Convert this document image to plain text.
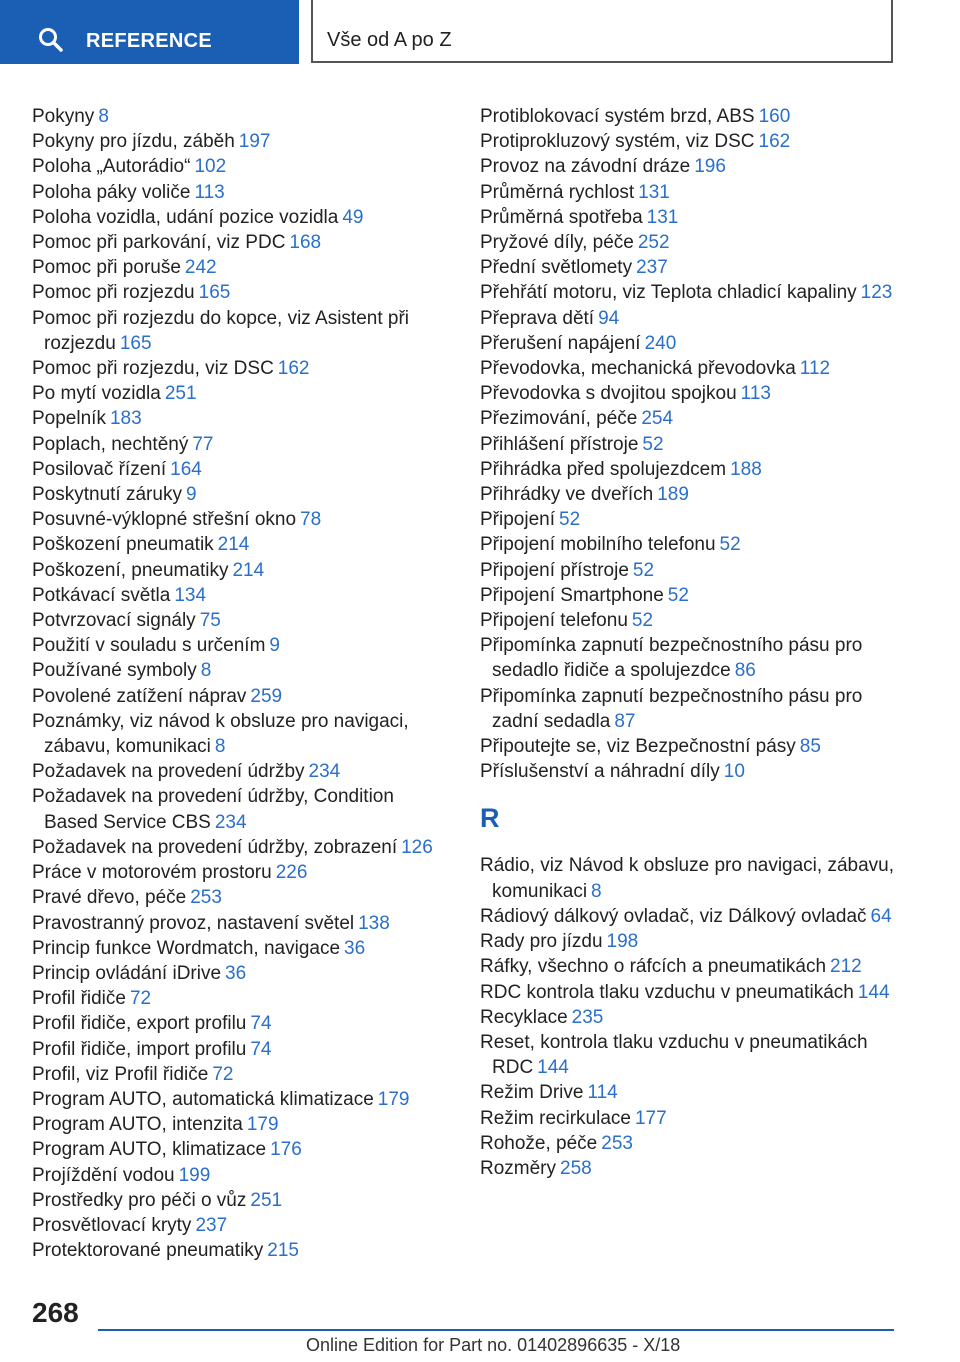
REFERENCE	Vše od A po Z
Pokyny 8
Pokyny pro jízdu, záběh 197
Poloha „Autorádio“ 102
Poloha páky voliče 113
Poloha vozidla, udání pozice vozidla 49
Pomoc při parkování, viz PDC 168
Pomoc při poruše 242
Pomoc při rozjezdu 165
Pomoc při rozjezdu do kopce, viz Asistent při rozjezdu 165
Pomoc při rozjezdu, viz DSC 162
Po mytí vozidla 251
Popelník 183
Poplach, nechtěný 77
Posilovač řízení 164
Poskytnutí záruky 9
Posuvné-výklopné střešní okno 78
Poškození pneumatik 214
Poškození, pneumatiky 214
Potkávací světla 134
Potvrzovací signály 75
Použití v souladu s určením 9
Používané symboly 8
Povolené zatížení náprav 259
Poznámky, viz návod k obsluze pro navigaci, zábavu, komunikaci 8
Požadavek na provedení údržby 234
Požadavek na provedení údržby, Condition Based Service CBS 234
Požadavek na provedení údržby, zobrazení 126
Práce v motorovém prostoru 226
Pravé dřevo, péče 253
Pravostranný provoz, nastavení světel 138
Princip funkce Wordmatch, navigace 36
Princip ovládání iDrive 36
Profil řidiče 72
Profil řidiče, export profilu 74
Profil řidiče, import profilu 74
Profil, viz Profil řidiče 72
Program AUTO, automatická klimatizace 179
Program AUTO, intenzita 179
Program AUTO, klimatizace 176
Projíždění vodou 199
Prostředky pro péči o vůz 251
Prosvětlovací kryty 237
Protektorované pneumatiky 215
Protiblokovací systém brzd, ABS 160
Protiprokluzový systém, viz DSC 162
Provoz na závodní dráze 196
Průměrná rychlost 131
Průměrná spotřeba 131
Pryžové díly, péče 252
Přední světlomety 237
Přehřátí motoru, viz Teplota chladicí kapaliny 123
Přeprava dětí 94
Přerušení napájení 240
Převodovka, mechanická převodovka 112
Převodovka s dvojitou spojkou 113
Přezimování, péče 254
Přihlášení přístroje 52
Přihrádka před spolujezdcem 188
Přihrádky ve dveřích 189
Připojení 52
Připojení mobilního telefonu 52
Připojení přístroje 52
Připojení Smartphone 52
Připojení telefonu 52
Připomínka zapnutí bezpečnostního pásu pro sedadlo řidiče a spolujezdce 86
Připomínka zapnutí bezpečnostního pásu pro zadní sedadla 87
Připoutejte se, viz Bezpečnostní pásy 85
Příslušenství a náhradní díly 10
R
Rádio, viz Návod k obsluze pro navigaci, zábavu, komunikaci 8
Rádiový dálkový ovladač, viz Dálkový ovladač 64
Rady pro jízdu 198
Ráfky, všechno o ráfcích a pneumatikách 212
RDC kontrola tlaku vzduchu v pneumatikách 144
Recyklace 235
Reset, kontrola tlaku vzduchu v pneumatikách RDC 144
Režim Drive 114
Režim recirkulace 177
Rohože, péče 253
Rozměry 258
268
Online Edition for Part no. 01402896635 - X/18
